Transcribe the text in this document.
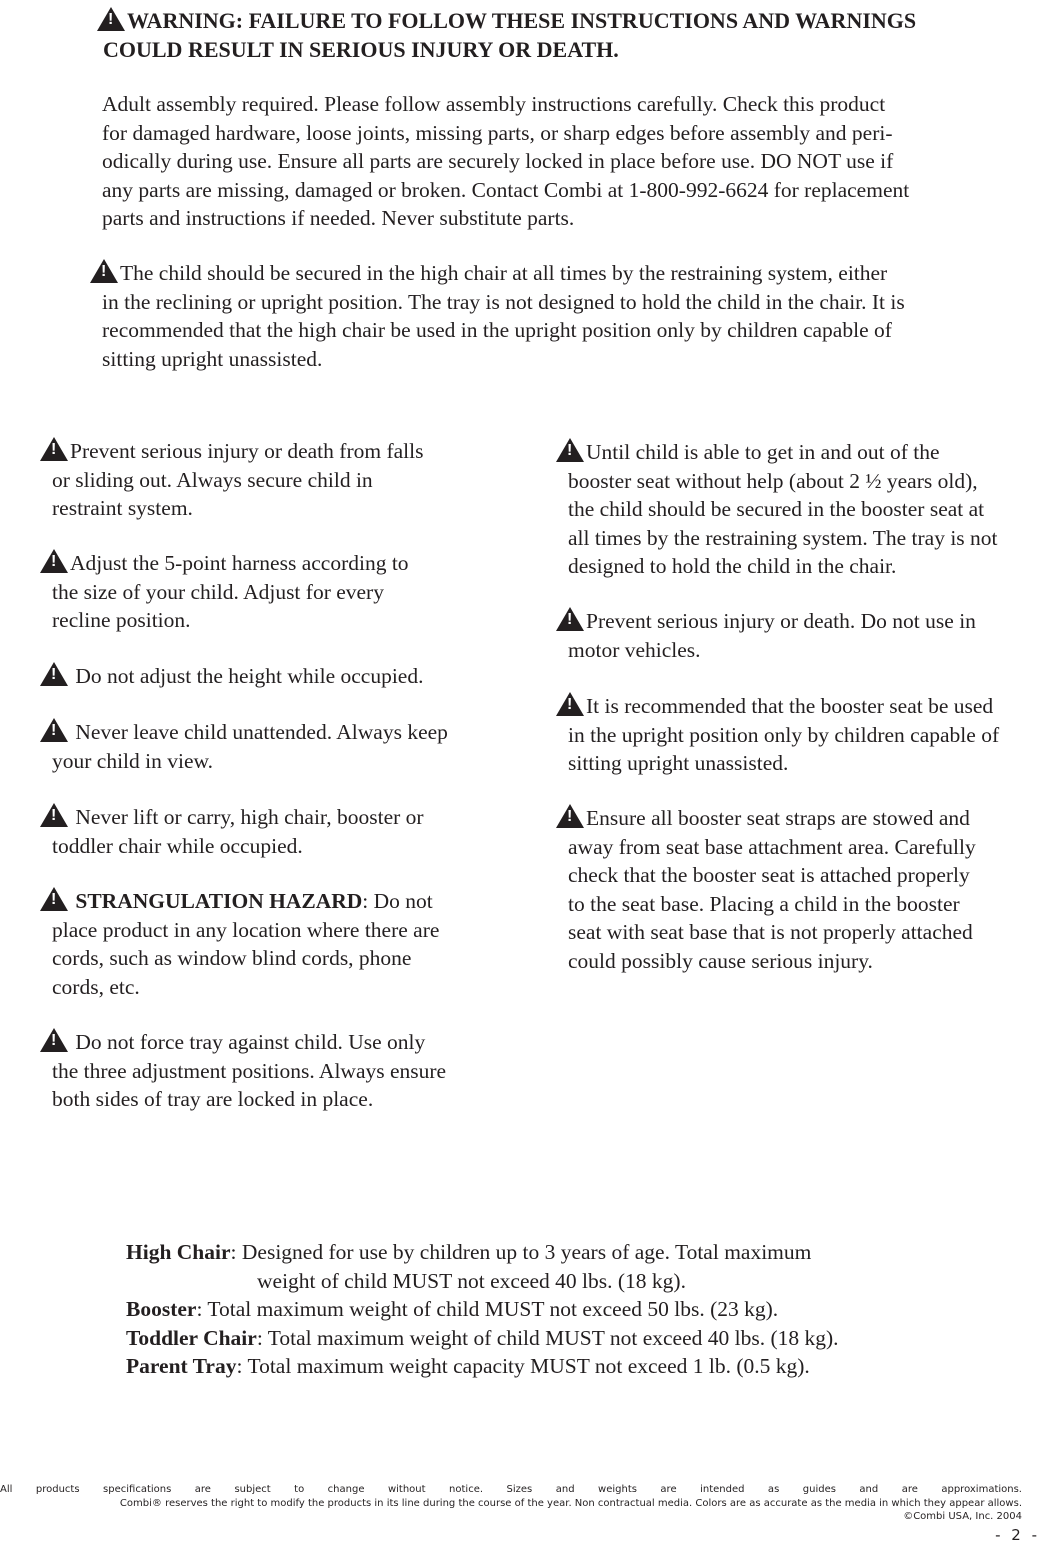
!WARNING: FAILURE TO FOLLOW THESE INSTRUCTIONS AND WARNINGS
COULD RESULT IN SERIOUS INJURY OR DEATH.
Adult assembly required. Please follow assembly instructions carefully. Check this product
for damaged hardware, loose joints, missing parts, or sharp edges before assembly and peri-
odically during use. Ensure all parts are securely locked in place before use. DO NOT use if
any parts are missing, damaged or broken. Contact Combi at 1-800-992-6624 for replacement
parts and instructions if needed. Never substitute parts.
!The child should be secured in the high chair at all times by the restraining system, either
in the reclining or upright position. The tray is not designed to hold the child in the chair. It is
recommended that the high chair be used in the upright position only by children capable of
sitting upright unassisted.
!Prevent serious injury or death from falls
or sliding out. Always secure child in
restraint system.
!Adjust the 5-point harness according to
the size of your child. Adjust for every
recline position.
! Do not adjust the height while occupied.
! Never leave child unattended. Always keep
your child in view.
! Never lift or carry, high chair, booster or
toddler chair while occupied.
! STRANGULATION HAZARD: Do not
place product in any location where there are
cords, such as window blind cords, phone
cords, etc.
! Do not force tray against child. Use only
the three adjustment positions. Always ensure
both sides of tray are locked in place.
!Until child is able to get in and out of the
booster seat without help (about 2 ½ years old),
the child should be secured in the booster seat at
all times by the restraining system. The tray is not
designed to hold the child in the chair.
!Prevent serious injury or death. Do not use in
motor vehicles.
!It is recommended that the booster seat be used
in the upright position only by children capable of
sitting upright unassisted.
!Ensure all booster seat straps are stowed and
away from seat base attachment area. Carefully
check that the booster seat is attached properly
to the seat base. Placing a child in the booster
seat with seat base that is not properly attached
could possibly cause serious injury.
High Chair: Designed for use by children up to 3 years of age. Total maximum
weight of child MUST not exceed 40 lbs. (18 kg).
Booster: Total maximum weight of child MUST not exceed 50 lbs. (23 kg).
Toddler Chair: Total maximum weight of child MUST not exceed 40 lbs. (18 kg).
Parent Tray: Total maximum weight capacity MUST not exceed 1 lb. (0.5 kg).
All products specifications are subject to change without notice. Sizes and weights are intended as guides and are approximations.
Combi® reserves the right to modify the products in its line during the course of the year. Non contractual media. Colors are as accurate as the media in which they appear allows.
©Combi USA, Inc. 2004
- 2 -
